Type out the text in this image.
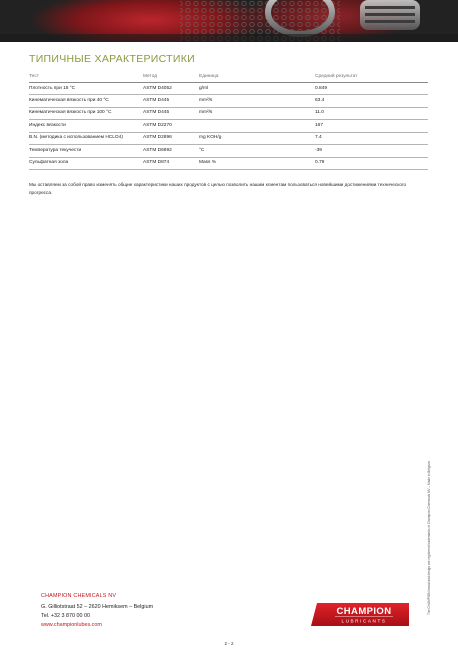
ТИПИЧНЫЕ ХАРАКТЕРИСТИКИ
Тест	Метод	Единица	Средний результат
Плотность при 15 °C	ASTM D4052	g/ml	0.849
Кинематическая вязкость при 40 °C	ASTM D445	mm²/s	63.4
Кинематическая вязкость при 100 °C	ASTM D445	mm²/s	11.0
Индекс вязкости	ASTM D2270		167
B.N. (методика с использованием HCLO4)	ASTM D2896	mg KOH/g	7.4
Температура текучести	ASTM D6892	°C	-39
Сульфатная зола	ASTM D874	Mass %	0.79

Мы оставляем за собой право изменять общие характеристики наших продуктов с целью позволить нашим клиентам пользоваться новейшими достижениями технического прогресса.

The CHAMPION brand and design are registered trademarks of Champion Chemicals NV – Made in Belgium

CHAMPION CHEMICALS NV

G. Gilliotstraat 52 – 2620 Hemiksem – Belgium

Tel. +32 3 870 00 00

www.championlubes.com

CHAMPION
LUBRICANTS

2 - 2
